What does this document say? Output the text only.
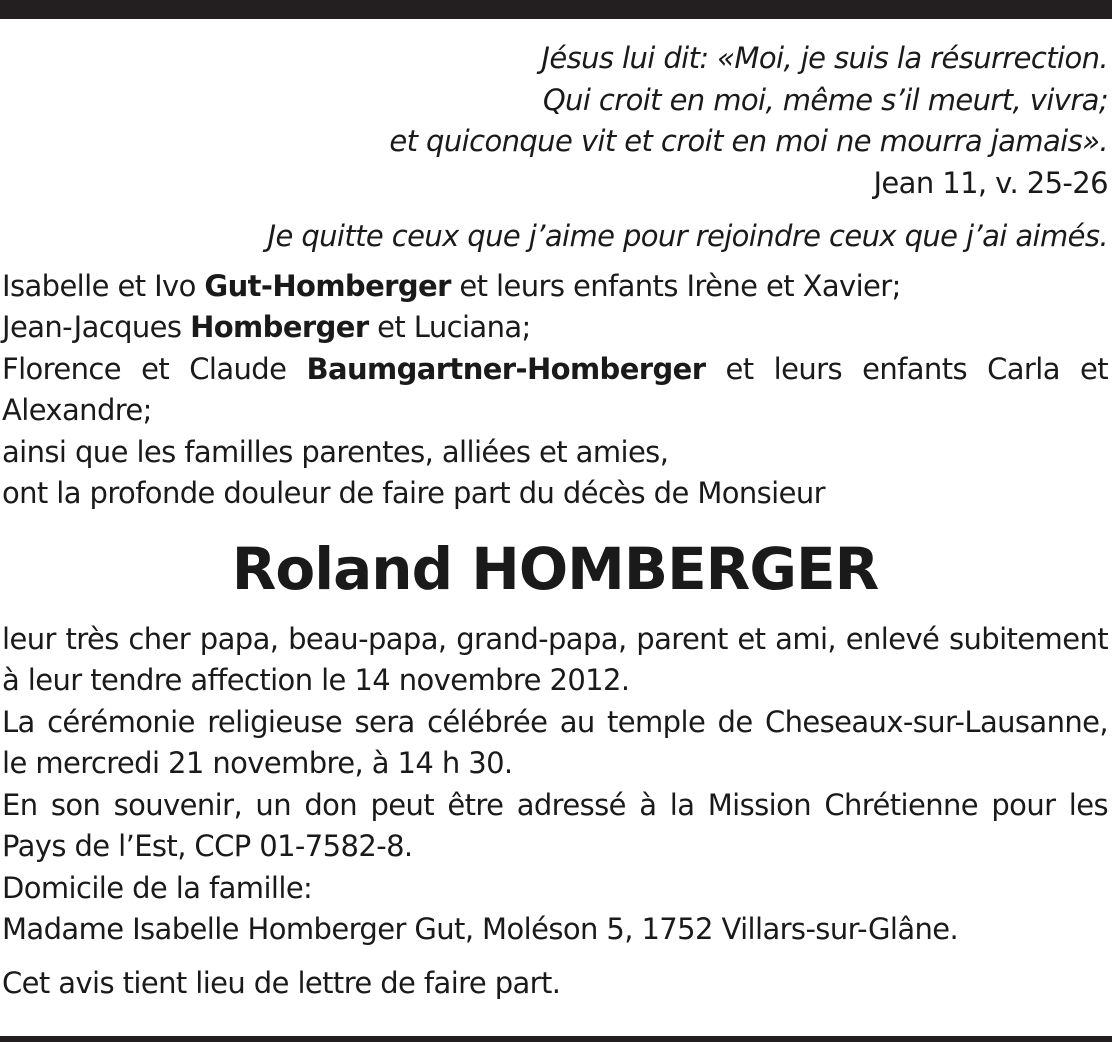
Jésus lui dit: «Moi, je suis la résurrection.
Qui croit en moi, même s’il meurt, vivra;
et quiconque vit et croit en moi ne mourra jamais».
Jean 11, v. 25-26
Je quitte ceux que j’aime pour rejoindre ceux que j’ai aimés.
Isabelle et Ivo Gut-Homberger et leurs enfants Irène et Xavier;
Jean-Jacques Homberger et Luciana;
Florence et Claude Baumgartner-Homberger et leurs enfants Carla et Alexandre;
ainsi que les familles parentes, alliées et amies,
ont la profonde douleur de faire part du décès de Monsieur
Roland HOMBERGER
leur très cher papa, beau-papa, grand-papa, parent et ami, enlevé subitement à leur tendre affection le 14 novembre 2012.
La cérémonie religieuse sera célébrée au temple de Cheseaux-sur-Lausanne, le mercredi 21 novembre, à 14 h 30.
En son souvenir, un don peut être adressé à la Mission Chrétienne pour les Pays de l’Est, CCP 01-7582-8.
Domicile de la famille:
Madame Isabelle Homberger Gut, Moléson 5, 1752 Villars-sur-Glâne.
Cet avis tient lieu de lettre de faire part.
